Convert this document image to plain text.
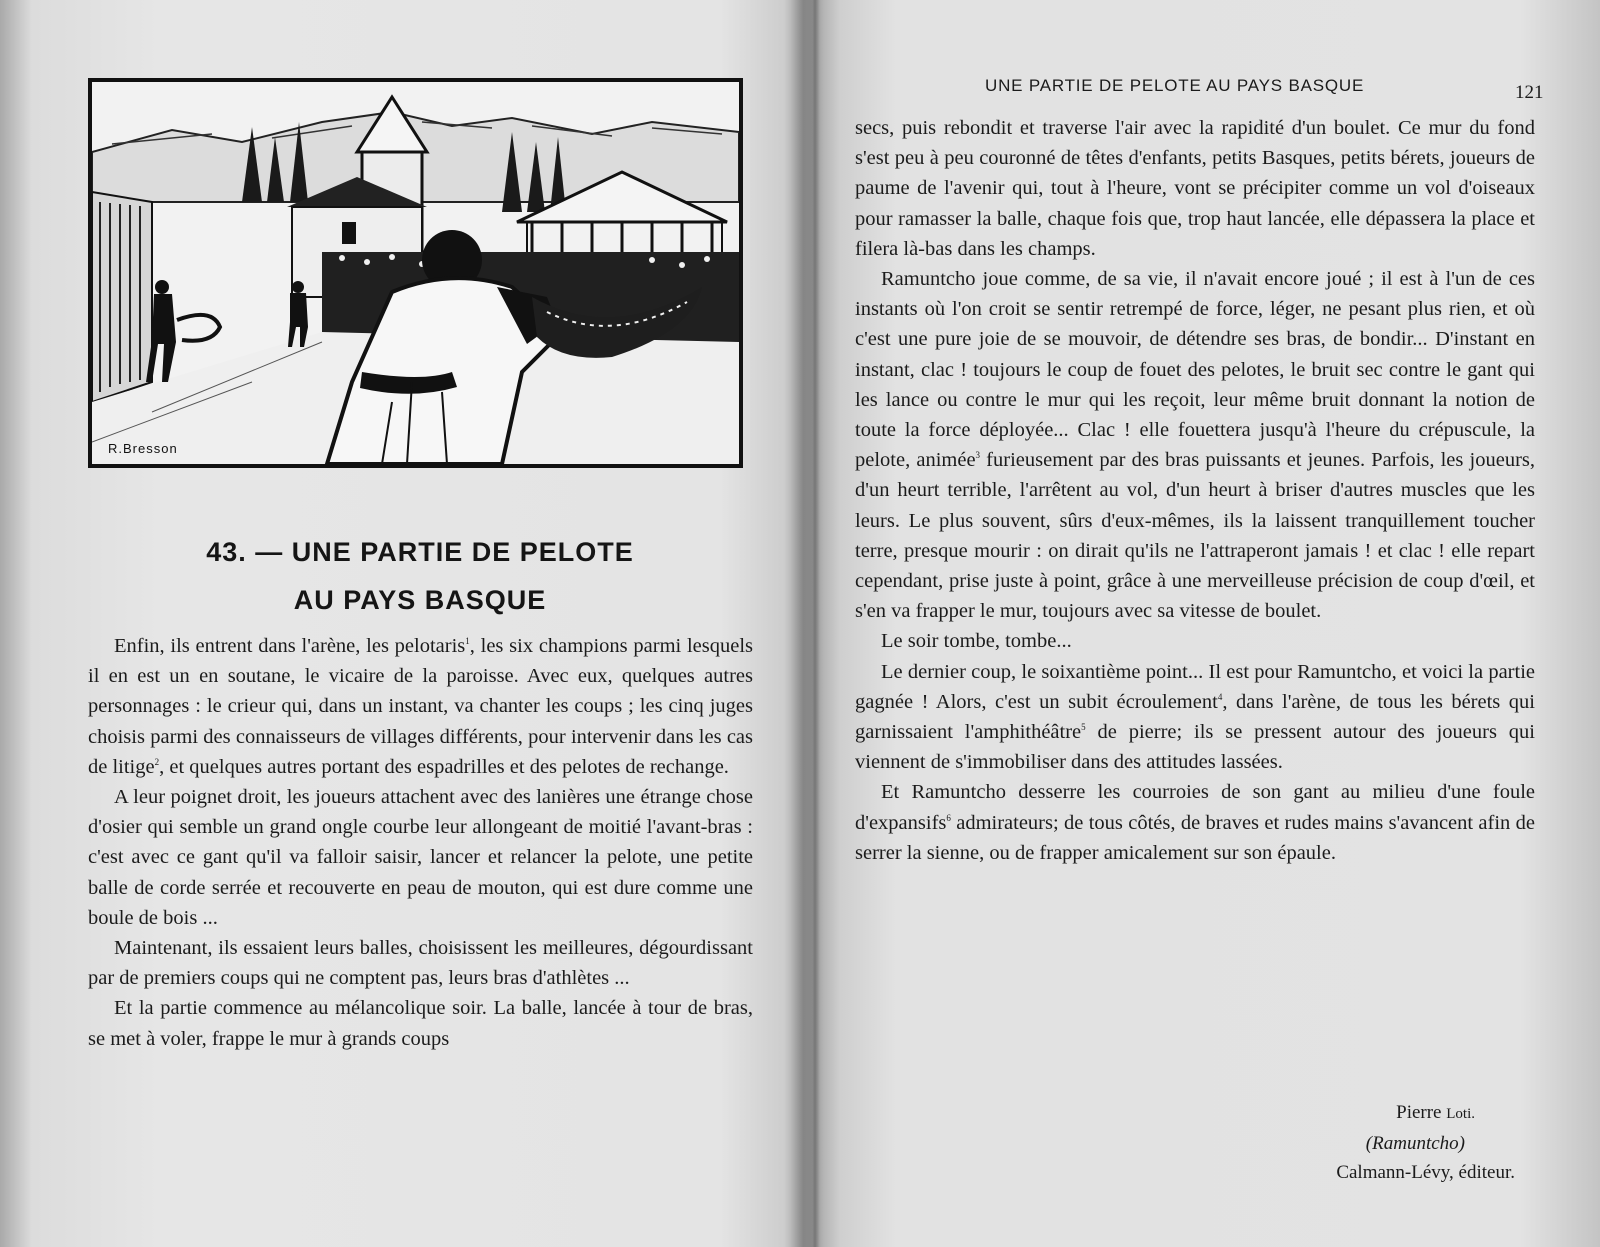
R.Bresson
43. — UNE PARTIE DE PELOTE
AU PAYS BASQUE

Enfin, ils entrent dans l'arène, les pelotaris$^1$, les six champions parmi lesquels il en est un en soutane, le vicaire de la paroisse. Avec eux, quelques autres personnages : le crieur qui, dans un instant, va chanter les coups ; les cinq juges choisis parmi des connaisseurs de villages différents, pour intervenir dans les cas de litige$^2$, et quelques autres portant des espadrilles et des pelotes de rechange.

A leur poignet droit, les joueurs attachent avec des lanières une étrange chose d'osier qui semble un grand ongle courbe leur allongeant de moitié l'avant-bras : c'est avec ce gant qu'il va falloir saisir, lancer et relancer la pelote, une petite balle de corde serrée et recouverte en peau de mouton, qui est dure comme une boule de bois ...

Maintenant, ils essaient leurs balles, choisissent les meilleures, dégourdissant par de premiers coups qui ne comptent pas, leurs bras d'athlètes ...

Et la partie commence au mélancolique soir. La balle, lancée à tour de bras, se met à voler, frappe le mur à grands coups

UNE PARTIE DE PELOTE AU PAYS BASQUE	121

secs, puis rebondit et traverse l'air avec la rapidité d'un boulet. Ce mur du fond s'est peu à peu couronné de têtes d'enfants, petits Basques, petits bérets, joueurs de paume de l'avenir qui, tout à l'heure, vont se précipiter comme un vol d'oiseaux pour ramasser la balle, chaque fois que, trop haut lancée, elle dépassera la place et filera là-bas dans les champs.

Ramuntcho joue comme, de sa vie, il n'avait encore joué ; il est à l'un de ces instants où l'on croit se sentir retrempé de force, léger, ne pesant plus rien, et où c'est une pure joie de se mouvoir, de détendre ses bras, de bondir... D'instant en instant, clac ! toujours le coup de fouet des pelotes, le bruit sec contre le gant qui les lance ou contre le mur qui les reçoit, leur même bruit donnant la notion de toute la force déployée... Clac ! elle fouettera jusqu'à l'heure du crépuscule, la pelote, animée$^3$ furieusement par des bras puissants et jeunes. Parfois, les joueurs, d'un heurt terrible, l'arrêtent au vol, d'un heurt à briser d'autres muscles que les leurs. Le plus souvent, sûrs d'eux-mêmes, ils la laissent tranquillement toucher terre, presque mourir : on dirait qu'ils ne l'attraperont jamais ! et clac ! elle repart cependant, prise juste à point, grâce à une merveilleuse précision de coup d'œil, et s'en va frapper le mur, toujours avec sa vitesse de boulet.

Le soir tombe, tombe...

Le dernier coup, le soixantième point... Il est pour Ramuntcho, et voici la partie gagnée ! Alors, c'est un subit écroulement$^4$, dans l'arène, de tous les bérets qui garnissaient l'amphithéâtre$^5$ de pierre; ils se pressent autour des joueurs qui viennent de s'immobiliser dans des attitudes lassées.

Et Ramuntcho desserre les courroies de son gant au milieu d'une foule d'expansifs$^6$ admirateurs; de tous côtés, de braves et rudes mains s'avancent afin de serrer la sienne, ou de frapper amicalement sur son épaule.

Pierre Loti.
(Ramuntcho)
Calmann-Lévy, éditeur.
